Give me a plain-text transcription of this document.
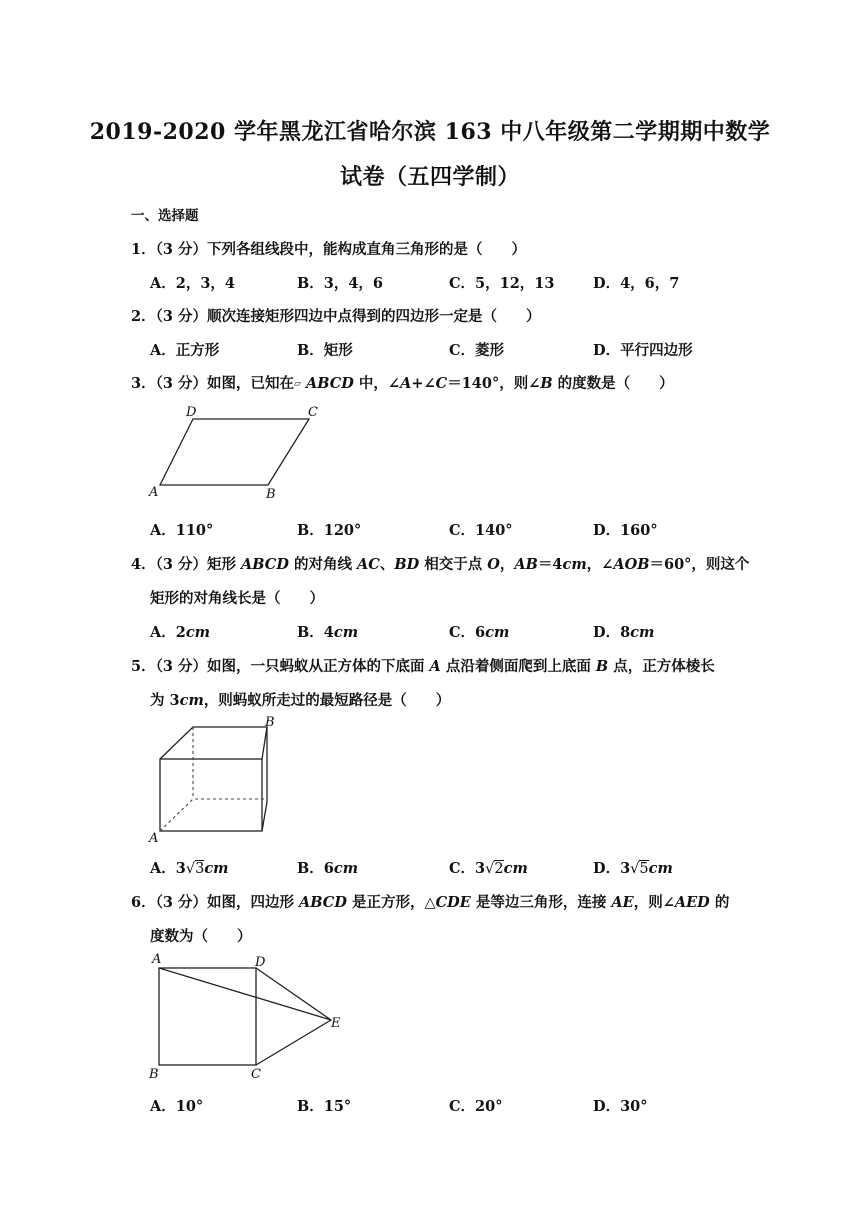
2019-2020 学年黑龙江省哈尔滨 163 中八年级第二学期期中数学
试卷（五四学制）
一、选择题
1．（3 分）下列各组线段中，能构成直角三角形的是（　　）
A．2，3，4	B．3，4，6	C．5，12，13	D．4，6，7
2．（3 分）顺次连接矩形四边中点得到的四边形一定是（　　）
A．正方形	B．矩形	C．菱形	D．平行四边形
3．（3 分）如图，已知在▱ ABCD 中，∠A+∠C＝140°，则∠B 的度数是（　　）
D	C
A	B
A．110°	B．120°	C．140°	D．160°
4．（3 分）矩形 ABCD 的对角线 AC、BD 相交于点 O，AB＝4cm，∠AOB＝60°，则这个
矩形的对角线长是（　　）
A．2cm	B．4cm	C．6cm	D．8cm
5．（3 分）如图，一只蚂蚁从正方体的下底面 A 点沿着侧面爬到上底面 B 点，正方体棱长
为 3cm，则蚂蚁所走过的最短路径是（　　）
B
A
A．3√3cm	B．6cm	C．3√2cm	D．3√5cm
6．（3 分）如图，四边形 ABCD 是正方形，△CDE 是等边三角形，连接 AE，则∠AED 的
度数为（　　）
A	D
E
B	C
A．10°	B．15°	C．20°	D．30°
